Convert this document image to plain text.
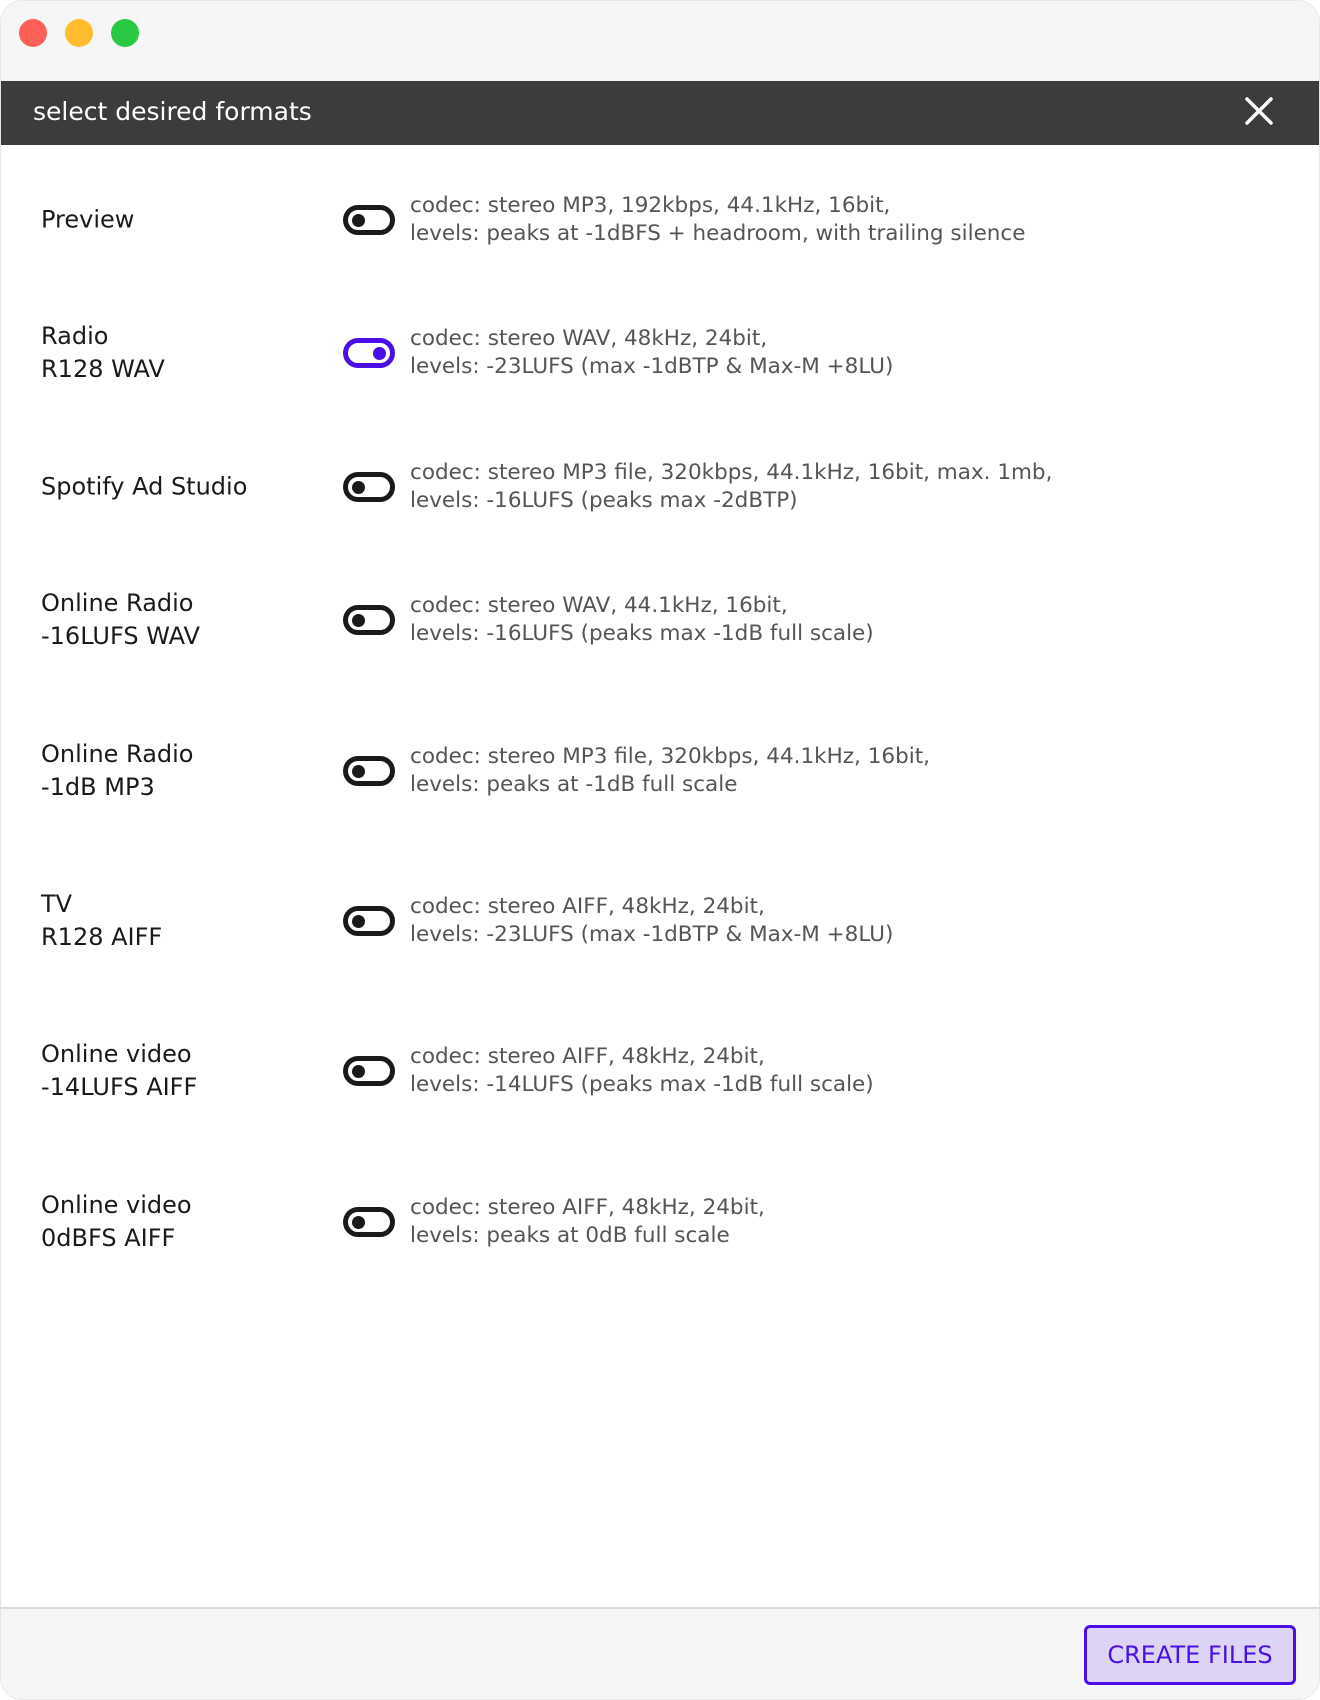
select desired formats
Preview	codec: stereo MP3, 192kbps, 44.1kHz, 16bit,
levels: peaks at -1dBFS + headroom, with trailing silence
Radio
R128 WAV
codec: stereo WAV, 48kHz, 24bit,
levels: -23LUFS (max -1dBTP & Max-M +8LU)
Spotify Ad Studio	codec: stereo MP3 file, 320kbps, 44.1kHz, 16bit, max. 1mb,
levels: -16LUFS (peaks max -2dBTP)
Online Radio
-16LUFS WAV
codec: stereo WAV, 44.1kHz, 16bit,
levels: -16LUFS (peaks max -1dB full scale)
Online Radio
-1dB MP3
codec: stereo MP3 file, 320kbps, 44.1kHz, 16bit,
levels: peaks at -1dB full scale
TV
R128 AIFF
codec: stereo AIFF, 48kHz, 24bit,
levels: -23LUFS (max -1dBTP & Max-M +8LU)
Online video
-14LUFS AIFF
codec: stereo AIFF, 48kHz, 24bit,
levels: -14LUFS (peaks max -1dB full scale)
Online video
0dBFS AIFF
codec: stereo AIFF, 48kHz, 24bit,
levels: peaks at 0dB full scale
CREATE FILES
